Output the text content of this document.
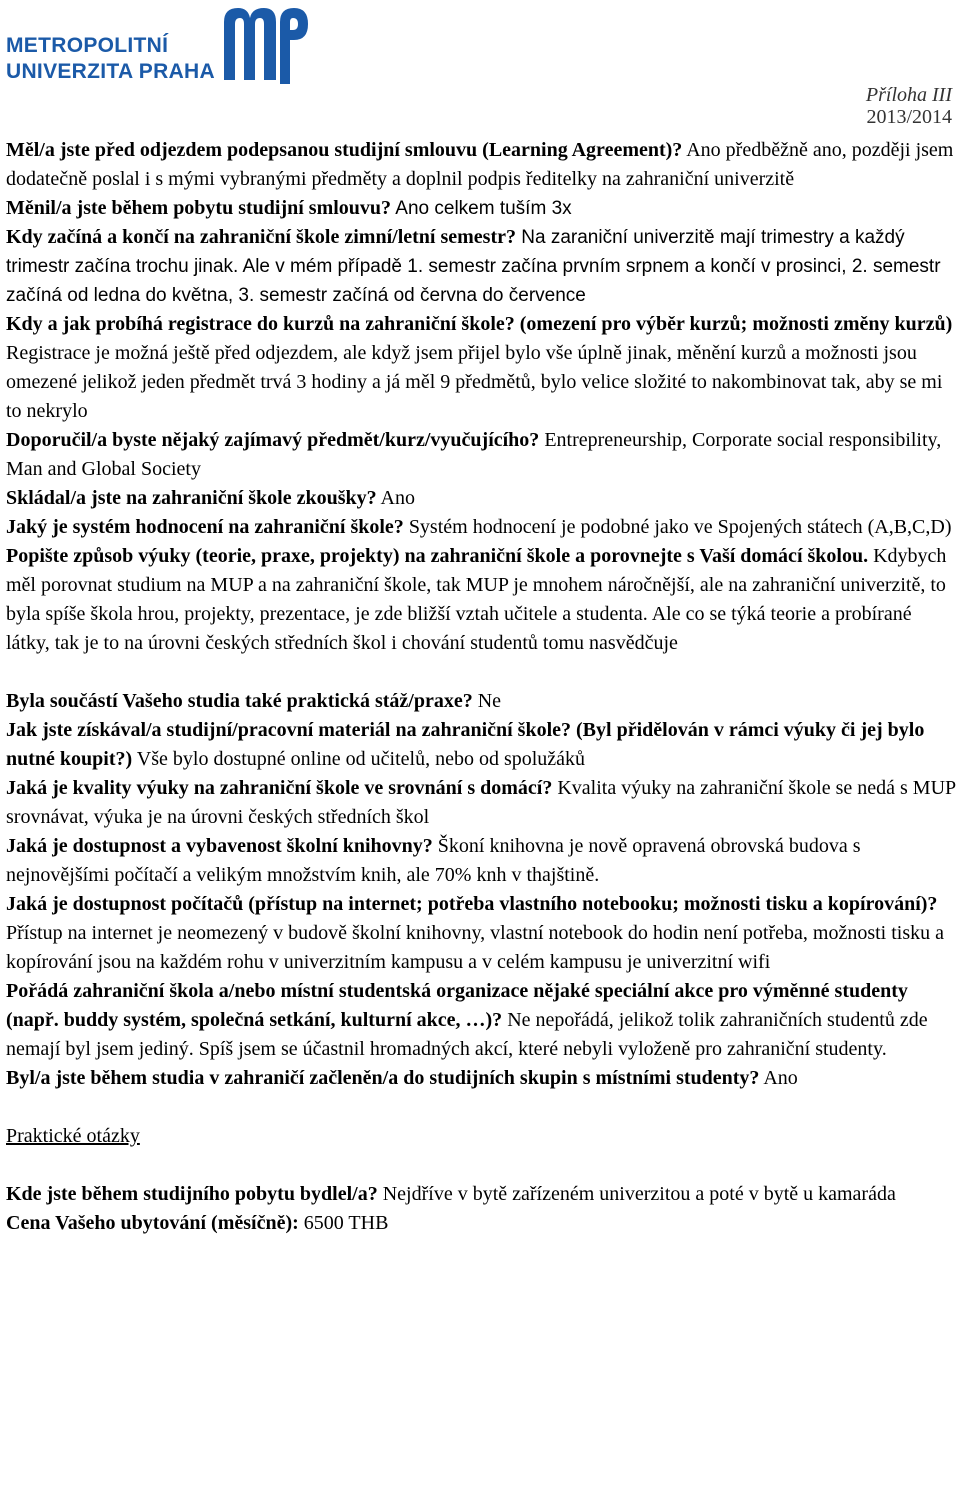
METROPOLITNÍ
UNIVERZITA PRAHA
Příloha III
2013/2014

Měl/a jste před odjezdem podepsanou studijní smlouvu (Learning Agreement)? Ano předběžně ano, později jsem dodatečně poslal i s mými vybranými předměty a doplnil podpis ředitelky na zahraniční univerzitě

Měnil/a jste během pobytu studijní smlouvu? Ano celkem tuším 3x

Kdy začíná a končí na zahraniční škole zimní/letní semestr? Na zaraniční univerzitě mají trimestry a každý trimestr začína trochu jinak. Ale v mém případě 1. semestr začína prvním srpnem a končí v prosinci, 2. semestr začíná od ledna do května, 3. semestr začíná od června do července

Kdy a jak probíhá registrace do kurzů na zahraniční škole? (omezení pro výběr kurzů; možnosti změny kurzů) Registrace je možná ještě před odjezdem, ale když jsem přijel bylo vše úplně jinak, měnění kurzů a možnosti jsou omezené jelikož jeden předmět trvá 3 hodiny a já měl 9 předmětů, bylo velice složité to nakombinovat tak, aby se mi to nekrylo

Doporučil/a byste nějaký zajímavý předmět/kurz/vyučujícího? Entrepreneurship, Corporate social responsibility, Man and Global Society

Skládal/a jste na zahraniční škole zkoušky? Ano

Jaký je systém hodnocení na zahraniční škole? Systém hodnocení je podobné jako ve Spojených státech (A,B,C,D)

Popište způsob výuky (teorie, praxe, projekty) na zahraniční škole a porovnejte s Vaší domácí školou. Kdybych měl porovnat studium na MUP a na zahraniční škole, tak MUP je mnohem náročnější, ale na zahraniční univerzitě, to byla spíše škola hrou, projekty, prezentace, je zde bližší vztah učitele a studenta. Ale co se týká teorie a probírané látky, tak je to na úrovni českých středních škol i chování studentů tomu nasvědčuje

Byla součástí Vašeho studia také praktická stáž/praxe? Ne

Jak jste získával/a studijní/pracovní materiál na zahraniční škole? (Byl přidělován v rámci výuky či jej bylo nutné koupit?) Vše bylo dostupné online od učitelů, nebo od spolužáků

Jaká je kvality výuky na zahraniční škole ve srovnání s domácí? Kvalita výuky na zahraniční škole se nedá s MUP srovnávat, výuka je na úrovni českých středních škol

Jaká je dostupnost a vybavenost školní knihovny? Škoní knihovna je nově opravená obrovská budova s nejnovějšími počítačí a velikým množstvím knih, ale 70% knh v thajštině.

Jaká je dostupnost počítačů (přístup na internet; potřeba vlastního notebooku; možnosti tisku a kopírování)? Přístup na internet je neomezený v budově školní knihovny, vlastní notebook do hodin není potřeba, možnosti tisku a kopírování jsou na každém rohu v univerzitním kampusu a v celém kampusu je univerzitní wifi

Pořádá zahraniční škola a/nebo místní studentská organizace nějaké speciální akce pro výměnné studenty (např. buddy systém, společná setkání, kulturní akce, …)? Ne nepořádá, jelikož tolik zahraničních studentů zde nemají byl jsem jediný. Spíš jsem se účastnil hromadných akcí, které nebyli vyloženě pro zahraniční studenty.

Byl/a jste během studia v zahraničí začleněn/a do studijních skupin s místními studenty? Ano

Praktické otázky

Kde jste během studijního pobytu bydlel/a? Nejdříve v bytě zařízeném univerzitou a poté v bytě u kamaráda

Cena Vašeho ubytování (měsíčně): 6500 THB
